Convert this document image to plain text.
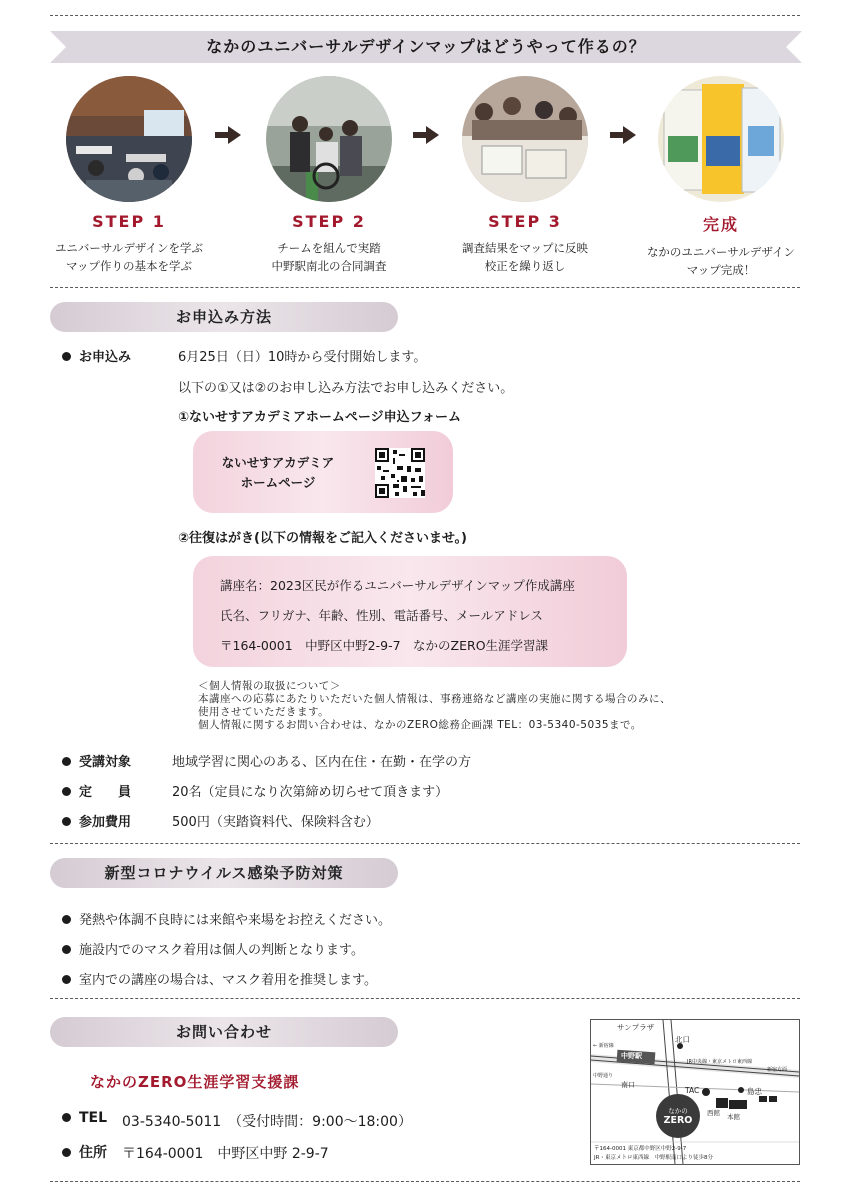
なかのユニバーサルデザインマップはどうやって作るの？
STEP 1
ユニバーサルデザインを学ぶ
マップ作りの基本を学ぶ
STEP 2
チームを組んで実踏
中野駅南北の合同調査
STEP 3
調査結果をマップに反映
校正を繰り返し
完成
なかのユニバーサルデザイン
マップ完成！
お申込み方法
お申込み	6月25日（日）10時から受付開始します。
以下の①又は②のお申し込み方法でお申し込みください。
①ないせすアカデミアホームページ申込フォーム
ないせすアカデミア
ホームページ
②往復はがき(以下の情報をご記入くださいませ。)
講座名：2023区民が作るユニバーサルデザインマップ作成講座
氏名、フリガナ、年齢、性別、電話番号、メールアドレス
〒164-0001　中野区中野2-9-7　なかのZERO生涯学習課
＜個人情報の取扱について＞
本講座への応募にあたりいただいた個人情報は、事務連絡など講座の実施に関する場合のみに、
使用させていただきます。
個人情報に関するお問い合わせは、なかのZERO総務企画課 TEL：03-5340-5035まで。
受講対象	地域学習に関心のある、区内在住・在勤・在学の方
定　　員	20名（定員になり次第締め切らせて頂きます）
参加費用	500円（実踏資料代、保険料含む）
新型コロナウイルス感染予防対策
発熱や体調不良時には来館や来場をお控えください。
施設内でのマスク着用は個人の判断となります。
室内での講座の場合は、マスク着用を推奨します。
お問い合わせ
なかのZERO生涯学習支援課
TEL 03-5340-5011　（受付時間：9:00～18:00）
住所 〒164-0001　中野区中野 2-9-7
サンプラザ
北口
中野駅
← 新宿線
JR中央線・東京メトロ東西線
新宿方面
中野通り
南口
TAC	島忠
なかの
ZERO
西館 本館
〒164-0001 東京都中野区中野2-9-7
JR・東京メトロ東西線　中野駅南口より徒歩8分
